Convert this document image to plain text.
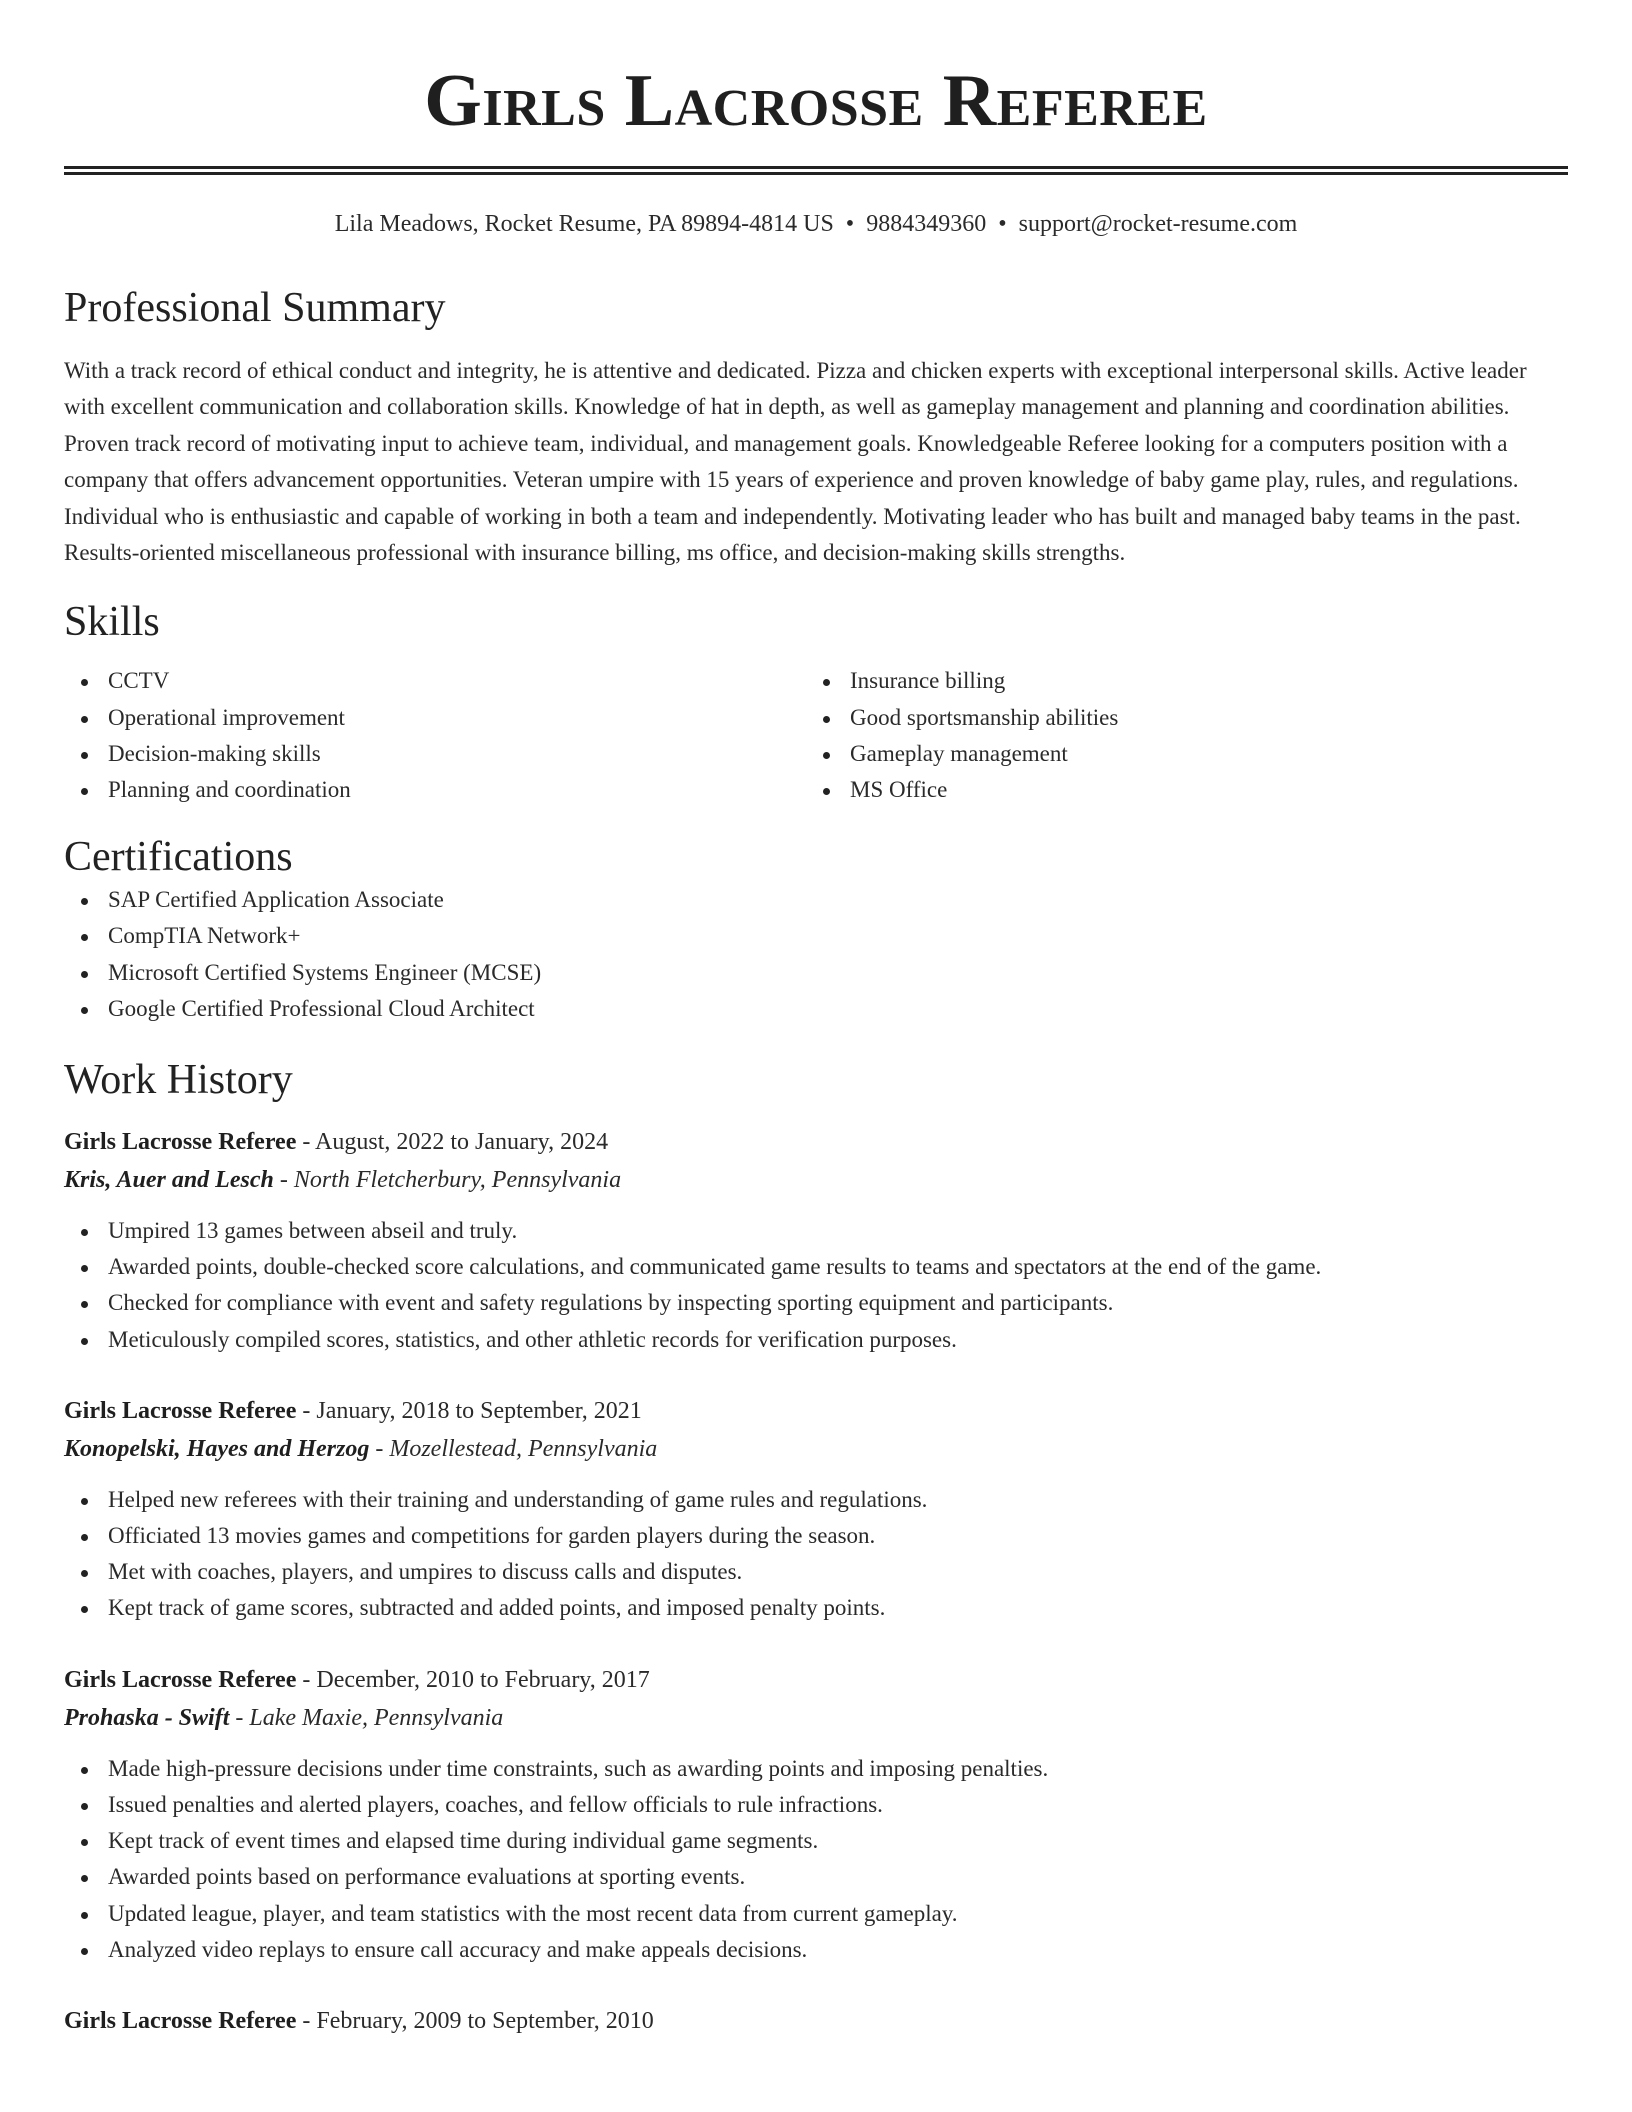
Girls Lacrosse Referee
Lila Meadows, Rocket Resume, PA 89894-4814 US • 9884349360 • support@rocket-resume.com
Professional Summary

With a track record of ethical conduct and integrity, he is attentive and dedicated. Pizza and chicken experts with exceptional interpersonal skills. Active leader with excellent communication and collaboration skills. Knowledge of hat in depth, as well as gameplay management and planning and coordination abilities. Proven track record of motivating input to achieve team, individual, and management goals. Knowledgeable Referee looking for a computers position with a company that offers advancement opportunities. Veteran umpire with 15 years of experience and proven knowledge of baby game play, rules, and regulations. Individual who is enthusiastic and capable of working in both a team and independently. Motivating leader who has built and managed baby teams in the past. Results-oriented miscellaneous professional with insurance billing, ms office, and decision-making skills strengths.

Skills
CCTV
Operational improvement
Decision-making skills
Planning and coordination
Insurance billing
Good sportsmanship abilities
Gameplay management
MS Office
Certifications
SAP Certified Application Associate
CompTIA Network+
Microsoft Certified Systems Engineer (MCSE)
Google Certified Professional Cloud Architect
Work History
Girls Lacrosse Referee - August, 2022 to January, 2024
Kris, Auer and Lesch - North Fletcherbury, Pennsylvania
Umpired 13 games between abseil and truly.
Awarded points, double-checked score calculations, and communicated game results to teams and spectators at the end of the game.
Checked for compliance with event and safety regulations by inspecting sporting equipment and participants.
Meticulously compiled scores, statistics, and other athletic records for verification purposes.
Girls Lacrosse Referee - January, 2018 to September, 2021
Konopelski, Hayes and Herzog - Mozellestead, Pennsylvania
Helped new referees with their training and understanding of game rules and regulations.
Officiated 13 movies games and competitions for garden players during the season.
Met with coaches, players, and umpires to discuss calls and disputes.
Kept track of game scores, subtracted and added points, and imposed penalty points.
Girls Lacrosse Referee - December, 2010 to February, 2017
Prohaska - Swift - Lake Maxie, Pennsylvania
Made high-pressure decisions under time constraints, such as awarding points and imposing penalties.
Issued penalties and alerted players, coaches, and fellow officials to rule infractions.
Kept track of event times and elapsed time during individual game segments.
Awarded points based on performance evaluations at sporting events.
Updated league, player, and team statistics with the most recent data from current gameplay.
Analyzed video replays to ensure call accuracy and make appeals decisions.
Girls Lacrosse Referee - February, 2009 to September, 2010
